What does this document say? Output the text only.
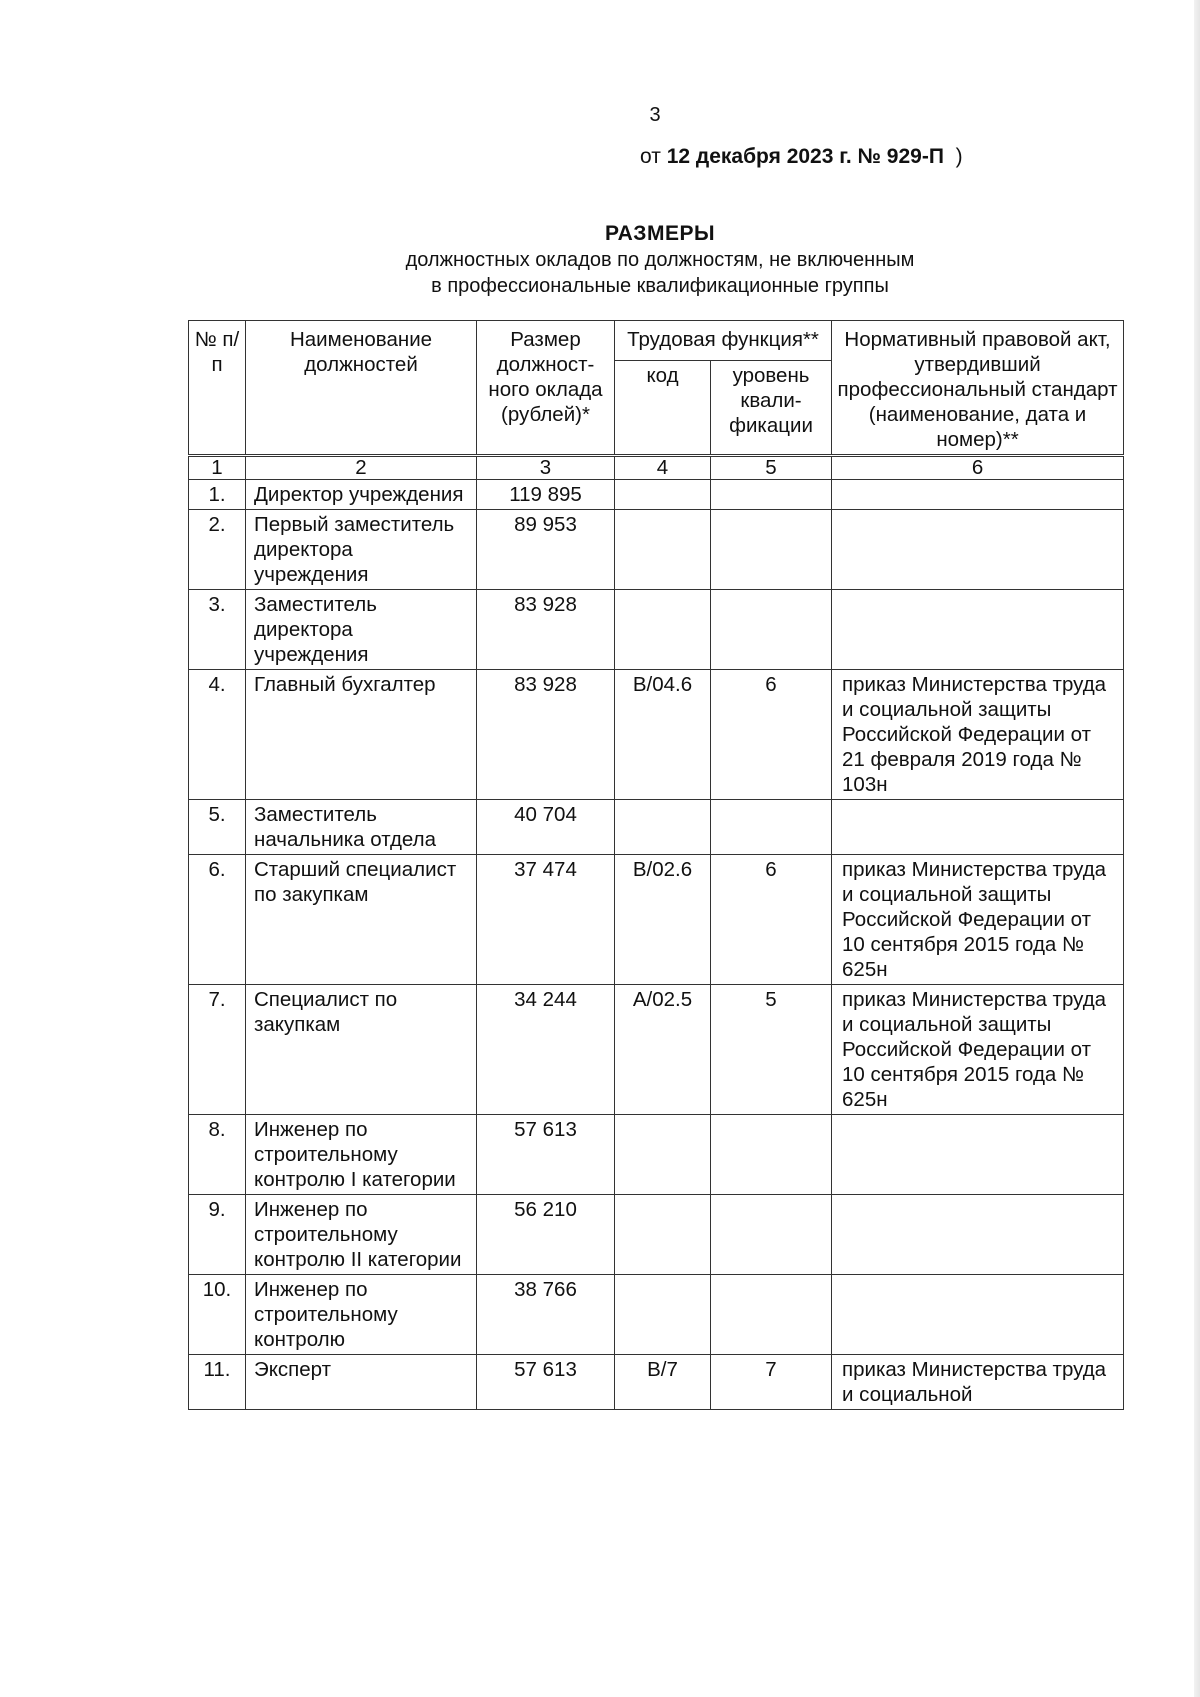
3
от 12 декабря 2023 г. № 929-П )
РАЗМЕРЫ
должностных окладов по должностям, не включенным
в профессиональные квалификационные группы
№ п/п	Наименование должностей	Размер должност-ного оклада (рублей)*	Трудовая функция**		Нормативный правовой акт, утвердивший профессиональный стандарт (наименование, дата и номер)**
			код	уровень квали-фикации	
1	2	3	4	5	6
1.	Директор учреждения	119 895			
2.	Первый заместитель директора учреждения	89 953			
3.	Заместитель директора учреждения	83 928			
4.	Главный бухгалтер	83 928	В/04.6	6	приказ Министерства труда и социальной защиты Российской Федерации от 21 февраля 2019 года № 103н
5.	Заместитель начальника отдела	40 704			
6.	Старший специалист по закупкам	37 474	В/02.6	6	приказ Министерства труда и социальной защиты Российской Федерации от 10 сентября 2015 года № 625н
7.	Специалист по закупкам	34 244	А/02.5	5	приказ Министерства труда и социальной защиты Российской Федерации от 10 сентября 2015 года № 625н
8.	Инженер по строительному контролю I категории	57 613			
9.	Инженер по строительному контролю II категории	56 210			
10.	Инженер по строительному контролю	38 766			
11.	Эксперт	57 613	В/7	7	приказ Министерства труда и социальной
